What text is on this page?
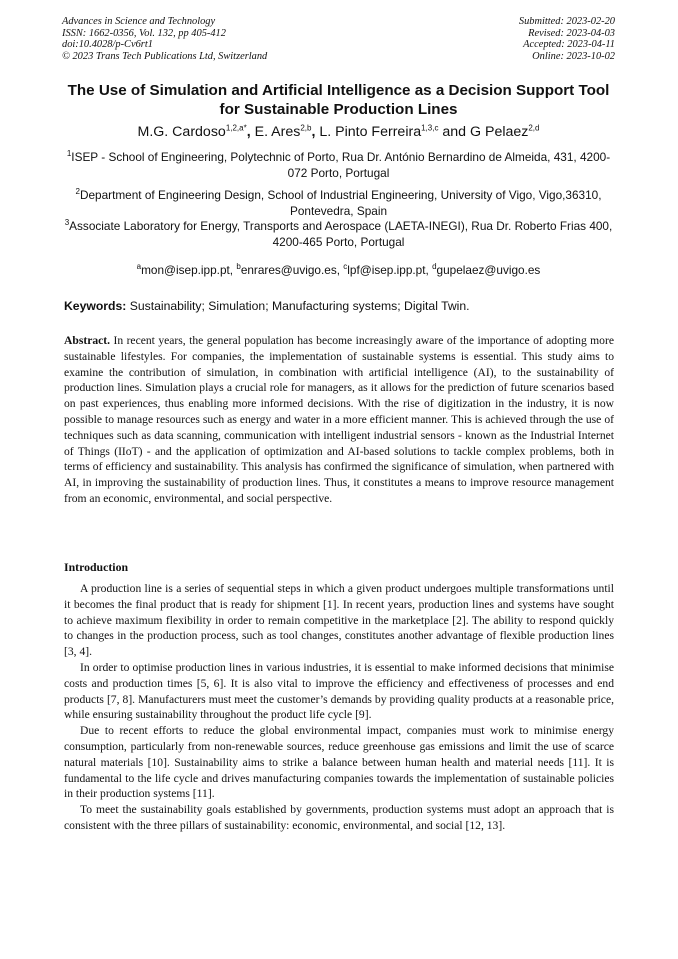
Advances in Science and Technology
ISSN: 1662-0356, Vol. 132, pp 405-412
doi:10.4028/p-Cv6rt1
© 2023 Trans Tech Publications Ltd, Switzerland
Submitted: 2023-02-20
Revised: 2023-04-03
Accepted: 2023-04-11
Online: 2023-10-02
The Use of Simulation and Artificial Intelligence as a Decision Support Tool for Sustainable Production Lines
M.G. Cardoso$^{1,2,a*}$, E. Ares$^{2,b}$, L. Pinto Ferreira$^{1,3,c}$ and G Pelaez$^{2,d}$
$^1$ISEP - School of Engineering, Polytechnic of Porto, Rua Dr. António Bernardino de Almeida, 431, 4200-072 Porto, Portugal
$^2$Department of Engineering Design, School of Industrial Engineering, University of Vigo, Vigo,36310, Pontevedra, Spain
$^3$Associate Laboratory for Energy, Transports and Aerospace (LAETA-INEGI), Rua Dr. Roberto Frias 400, 4200-465 Porto, Portugal
$^a$mon@isep.ipp.pt, $^b$enrares@uvigo.es, $^c$lpf@isep.ipp.pt, $^d$gupelaez@uvigo.es
Keywords: Sustainability; Simulation; Manufacturing systems; Digital Twin.
Abstract. In recent years, the general population has become increasingly aware of the importance of adopting more sustainable lifestyles. For companies, the implementation of sustainable systems is essential. This study aims to examine the contribution of simulation, in combination with artificial intelligence (AI), to the sustainability of production lines. Simulation plays a crucial role for managers, as it allows for the prediction of future scenarios based on past experiences, thus enabling more informed decisions. With the rise of digitization in the industry, it is now possible to manage resources such as energy and water in a more efficient manner. This is achieved through the use of techniques such as data scanning, communication with intelligent industrial sensors - known as the Industrial Internet of Things (IIoT) - and the application of optimization and AI-based solutions to tackle complex problems, both in terms of efficiency and sustainability. This analysis has confirmed the significance of simulation, when partnered with AI, in improving the sustainability of production lines. Thus, it constitutes a means to improve resource management from an economic, environmental, and social perspective.
Introduction

A production line is a series of sequential steps in which a given product undergoes multiple transformations until it becomes the final product that is ready for shipment [1]. In recent years, production lines and systems have sought to achieve maximum flexibility in order to remain competitive in the marketplace [2]. The ability to respond quickly to changes in the production process, such as tool changes, constitutes another advantage of flexible production lines [3, 4].

In order to optimise production lines in various industries, it is essential to make informed decisions that minimise costs and production times [5, 6]. It is also vital to improve the efficiency and effectiveness of processes and end products [7, 8]. Manufacturers must meet the customer’s demands by providing quality products at a reasonable price, while ensuring sustainability throughout the product life cycle [9].

Due to recent efforts to reduce the global environmental impact, companies must work to minimise energy consumption, particularly from non-renewable sources, reduce greenhouse gas emissions and limit the use of scarce natural materials [10]. Sustainability aims to strike a balance between human health and material needs [11]. It is fundamental to the life cycle and drives manufacturing companies towards the implementation of sustainable policies in their production systems [11].

To meet the sustainability goals established by governments, production systems must adopt an approach that is consistent with the three pillars of sustainability: economic, environmental, and social [12, 13].
